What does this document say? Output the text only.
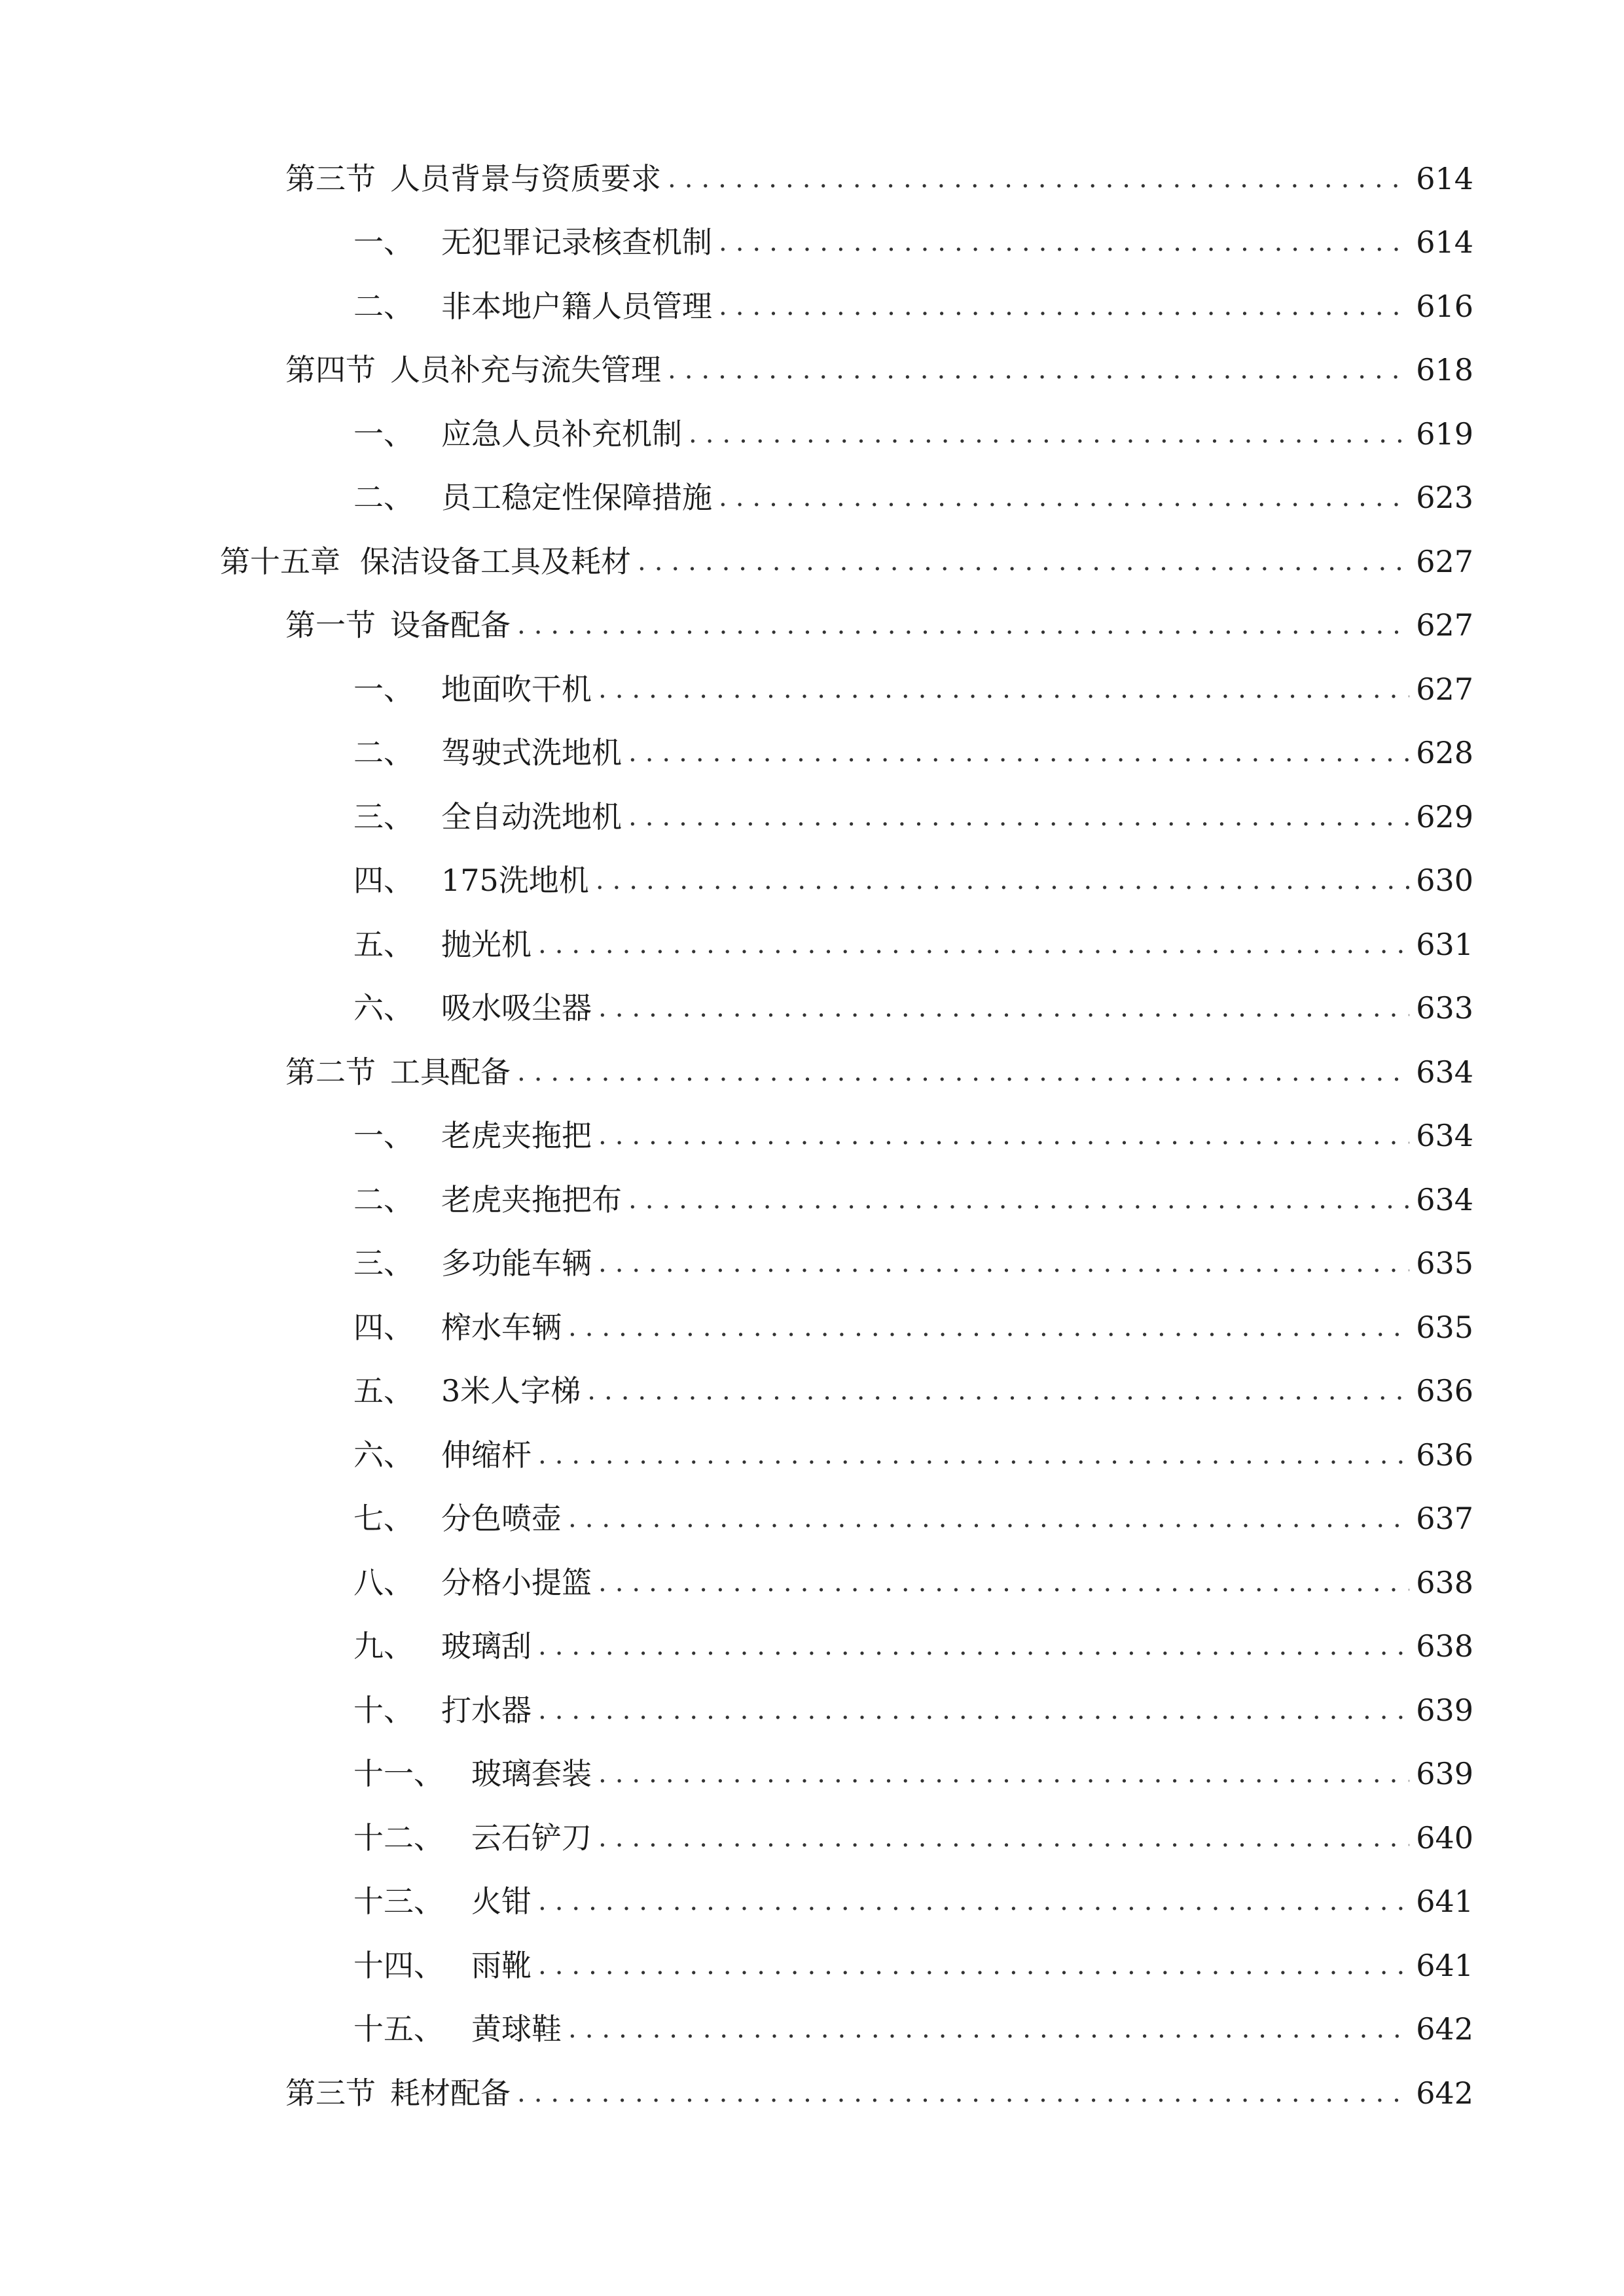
第三节 人员背景与资质要求 .....	614
一、 无犯罪记录核查机制 .....	614
二、 非本地户籍人员管理 .....	616
第四节 人员补充与流失管理 .....	618
一、 应急人员补充机制 .....	619
二、 员工稳定性保障措施 .....	623
第十五章 保洁设备工具及耗材 .....	627
第一节 设备配备 .....	627
一、 地面吹干机 .....	627
二、 驾驶式洗地机 .....	628
三、 全自动洗地机 .....	629
四、 175洗地机 .....	630
五、 抛光机 .....	631
六、 吸水吸尘器 .....	633
第二节 工具配备 .....	634
一、 老虎夹拖把 .....	634
二、 老虎夹拖把布 .....	634
三、 多功能车辆 .....	635
四、 榨水车辆 .....	635
五、 3米人字梯 .....	636
六、 伸缩杆 .....	636
七、 分色喷壶 .....	637
八、 分格小提篮 .....	638
九、 玻璃刮 .....	638
十、 打水器 .....	639
十一、 玻璃套装 .....	639
十二、 云石铲刀 .....	640
十三、 火钳 .....	641
十四、 雨靴 .....	641
十五、 黄球鞋 .....	642
第三节 耗材配备 .....	642
